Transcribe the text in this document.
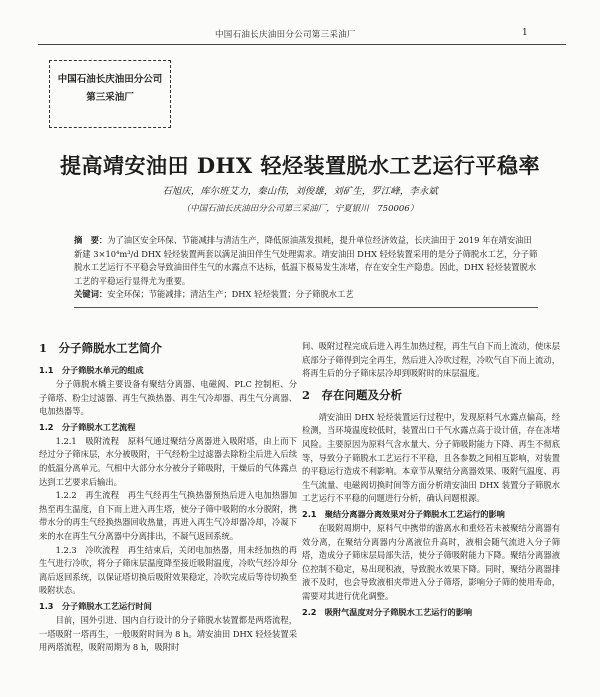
中国石油长庆油田分公司第三采油厂	1
中国石油长庆油田分公司
第三采油厂
提高靖安油田 DHX 轻烃装置脱水工艺运行平稳率
石旭庆，库尔班艾力，秦山伟，刘俊雄，刘矿生，罗江峰，李永斌
（中国石油长庆油田分公司第三采油厂，宁夏银川　750006）
摘　要：为了油区安全环保、节能减排与清洁生产，降低原油蒸发损耗，提升单位经济效益，长庆油田于 2019 年在靖安油田新建 3×10⁴m³/d DHX 轻烃装置两套以满足油田伴生气处理需求。靖安油田 DHX 轻烃装置采用的是分子筛脱水工艺，分子筛脱水工艺运行不平稳会导致油田伴生气的水露点不达标，低温下极易发生冻堵，存在安全生产隐患。因此，DHX 轻烃装置脱水工艺的平稳运行显得尤为重要。
关键词：安全环保；节能减排；清洁生产；DHX 轻烃装置；分子筛脱水工艺

1　分子筛脱水工艺简介

1.1　分子筛脱水单元的组成

分子筛脱水橇主要设备有聚结分离器、电磁阀、PLC 控制柜、分子筛塔、粉尘过滤器、再生气换热器、再生气冷却器、再生气分离器、电加热器等。

1.2　分子筛脱水工艺流程

1.2.1　吸附流程　原料气通过聚结分离器进入吸附塔，由上而下经过分子筛床层，水分被吸附，干气经粉尘过滤器去除粉尘后进入后续的低温分离单元。气相中大部分水分被分子筛吸附，干燥后的气体露点达到工艺要求后输出。

1.2.2　再生流程　再生气经再生气换热器预热后进入电加热器加热至再生温度，自下而上进入再生塔，使分子筛中吸附的水分脱附，携带水分的再生气经换热器回收热量，再进入再生气冷却器冷却，冷凝下来的水在再生气分离器中分离排出，不凝气返回系统。

1.2.3　冷吹流程　再生结束后，关闭电加热器，用未经加热的再生气进行冷吹，将分子筛床层温度降至接近吸附温度，冷吹气经冷却分离后返回系统，以保证塔切换后吸附效果稳定，冷吹完成后等待切换至吸附状态。

1.3　分子筛脱水工艺运行时间

目前，国外引进、国内自行设计的分子筛脱水装置都是两塔流程，一塔吸附一塔再生，一般吸附时间为 8 h。靖安油田 DHX 轻烃装置采用两塔流程，吸附周期为 8 h，吸附时

间、吸附过程完成后进入再生加热过程，再生气自下而上流动，使床层底部分子筛得到完全再生，然后进入冷吹过程，冷吹气自下而上流动，将再生后的分子筛床层冷却到吸附时的床层温度。

2　存在问题及分析

靖安油田 DHX 轻烃装置运行过程中，发现原料气水露点偏高，经检测，当环境温度较低时，装置出口干气水露点高于设计值，存在冻堵风险。主要原因为原料气含水量大、分子筛吸附能力下降、再生不彻底等，导致分子筛脱水工艺运行不平稳，且各参数之间相互影响，对装置的平稳运行造成不利影响。本章节从聚结分离器效果、吸附气温度、再生气流量、电磁阀切换时间等方面分析靖安油田 DHX 装置分子筛脱水工艺运行不平稳的问题进行分析，确认问题根源。

2.1　聚结分离器分离效果对分子筛脱水工艺运行的影响

在吸附周期中，原料气中携带的游离水和重烃若未被聚结分离器有效分离，在聚结分离器内分离液位升高时，液相会随气流进入分子筛塔，造成分子筛床层局部失活，使分子筛吸附能力下降。聚结分离器液位控制不稳定，易出现积液，导致脱水效果下降。同时，聚结分离器排液不及时，也会导致液相夹带进入分子筛塔，影响分子筛的使用寿命，需要对其进行优化调整。

2.2　吸附气温度对分子筛脱水工艺运行的影响
